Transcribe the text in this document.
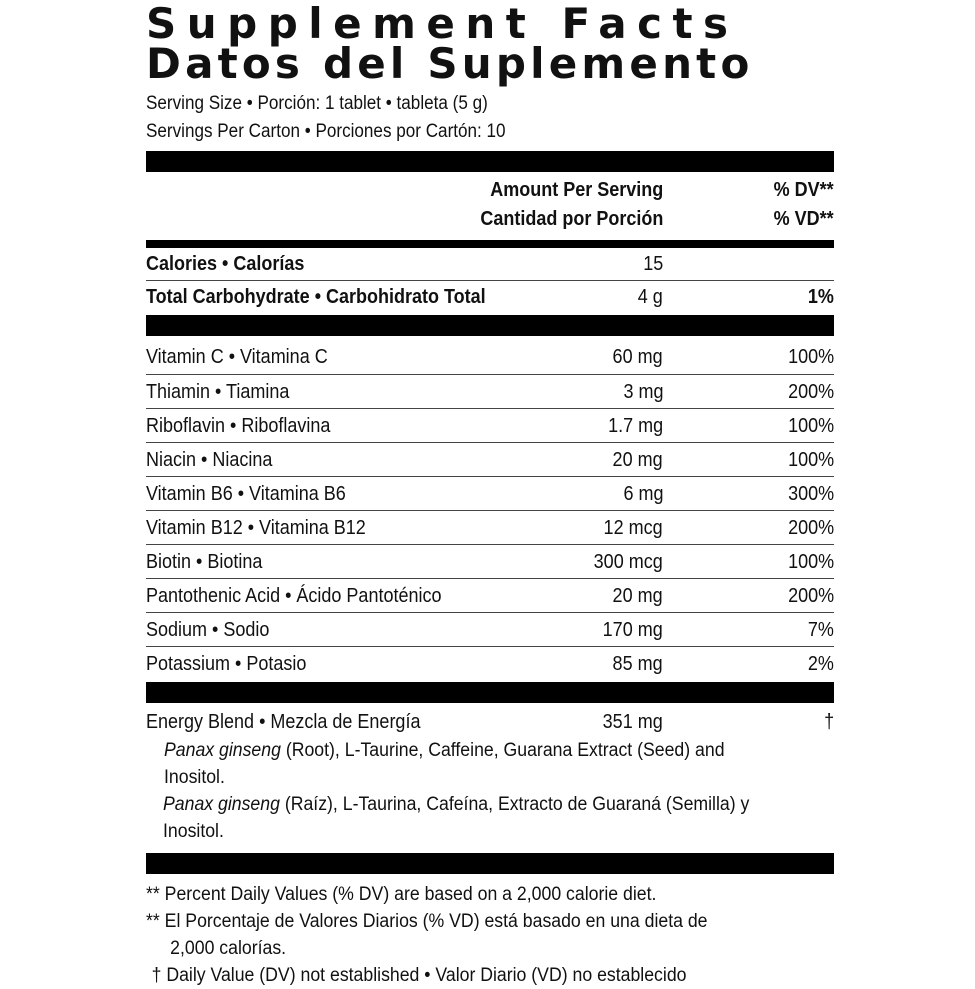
Supplement Facts
Datos del Suplemento
Serving Size • Porción: 1 tablet • tableta (5 g)
Servings Per Carton • Porciones por Cartón: 10
Amount Per Serving	% DV**
Cantidad por Porción	% VD**
Calories • Calorías	15
Total Carbohydrate • Carbohidrato Total	4 g	1%
Vitamin C • Vitamina C	60 mg	100%
Thiamin • Tiamina	3 mg	200%
Riboflavin • Riboflavina	1.7 mg	100%
Niacin • Niacina	20 mg	100%
Vitamin B6 • Vitamina B6	6 mg	300%
Vitamin B12 • Vitamina B12	12 mcg	200%
Biotin • Biotina	300 mcg	100%
Pantothenic Acid • Ácido Pantoténico	20 mg	200%
Sodium • Sodio	170 mg	7%
Potassium • Potasio	85 mg	2%
Energy Blend • Mezcla de Energía	351 mg	†
Panax ginseng (Root), L-Taurine, Caffeine, Guarana Extract (Seed) and Inositol.
Panax ginseng (Raíz), L-Taurina, Cafeína, Extracto de Guaraná (Semilla) y Inositol.
** Percent Daily Values (% DV) are based on a 2,000 calorie diet.
** El Porcentaje de Valores Diarios (% VD) está basado en una dieta de
2,000 calorías.
† Daily Value (DV) not established • Valor Diario (VD) no establecido
